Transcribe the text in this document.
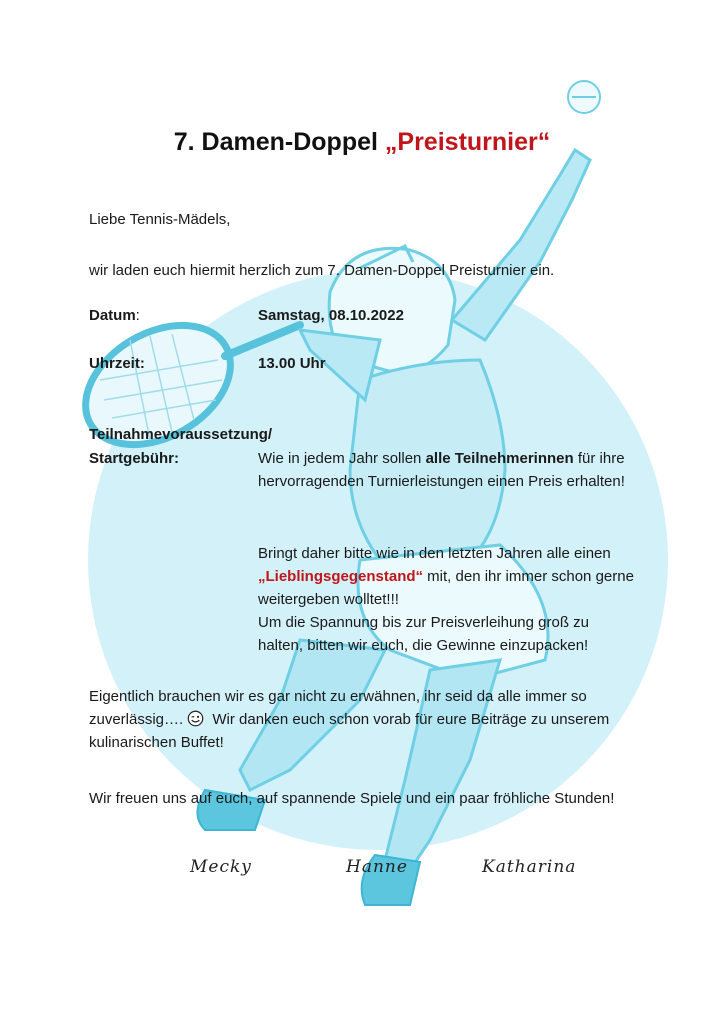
7. Damen-Doppel „Preisturnier“
Liebe Tennis-Mädels,
wir laden euch hiermit herzlich zum 7. Damen-Doppel Preisturnier ein.
Datum:	Samstag, 08.10.2022
Uhrzeit:	13.00 Uhr
Teilnahmevoraussetzung/
Startgebühr:	Wie in jedem Jahr sollen alle Teilnehmerinnen für ihre hervorragenden Turnierleistungen einen Preis erhalten!
Bringt daher bitte wie in den letzten Jahren alle einen „Lieblingsgegenstand“ mit, den ihr immer schon gerne weitergeben wolltet!!!
Um die Spannung bis zur Preisverleihung groß zu halten, bitten wir euch, die Gewinne einzupacken!
Eigentlich brauchen wir es gar nicht zu erwähnen, ihr seid da alle immer so zuverlässig…. Wir danken euch schon vorab für eure Beiträge zu unserem kulinarischen Buffet!
Wir freuen uns auf euch, auf spannende Spiele und ein paar fröhliche Stunden!
Mecky	Hanne	Katharina
